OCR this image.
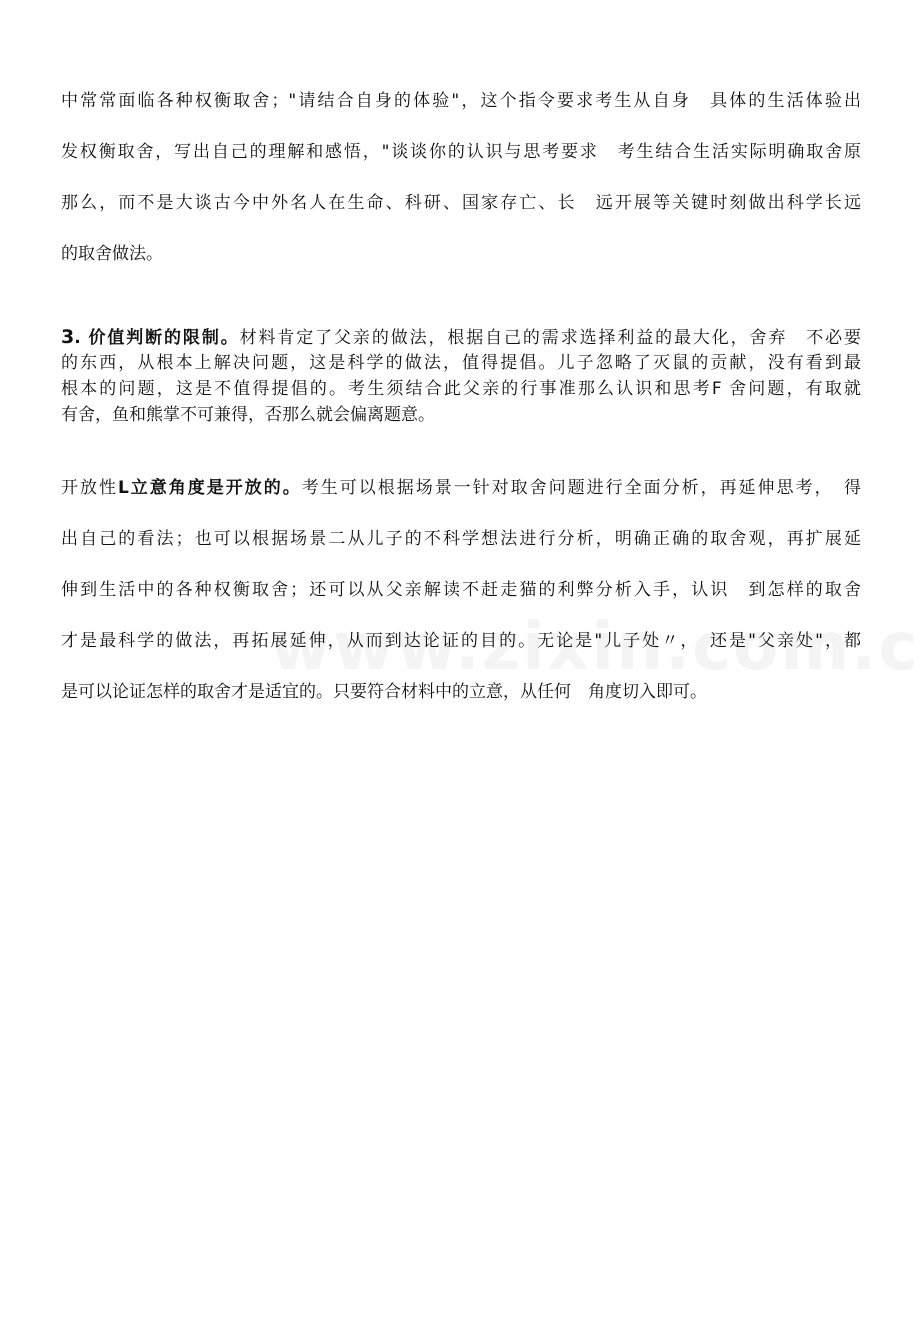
中常常面临各种权衡取舍；"请结合自身的体验"，这个指令要求考生从自身　具体的生活体验出
发权衡取舍，写出自己的理解和感悟，"谈谈你的认识与思考要求　考生结合生活实际明确取舍原
那么，而不是大谈古今中外名人在生命、科研、国家存亡、长　远开展等关键时刻做出科学长远
的取舍做法。
3. 价值判断的限制。材料肯定了父亲的做法，根据自己的需求选择利益的最大化，舍弃　不必要
的东西，从根本上解决问题，这是科学的做法，值得提倡。儿子忽略了灭鼠的贡献，没有看到最
根本的问题，这是不值得提倡的。考生须结合此父亲的行事准那么认识和思考F 舍问题，有取就
有舍，鱼和熊掌不可兼得，否那么就会偏离题意。
开放性L立意角度是开放的。考生可以根据场景一针对取舍问题进行全面分析，再延伸思考，　得
出自己的看法；也可以根据场景二从儿子的不科学想法进行分析，明确正确的取舍观，再扩展延
伸到生活中的各种权衡取舍；还可以从父亲解读不赶走猫的利弊分析入手，认识　到怎样的取舍
才是最科学的做法，再拓展延伸，从而到达论证的目的。无论是"儿子处〃，　还是"父亲处"，都
是可以论证怎样的取舍才是适宜的。只要符合材料中的立意，从任何　角度切入即可。
